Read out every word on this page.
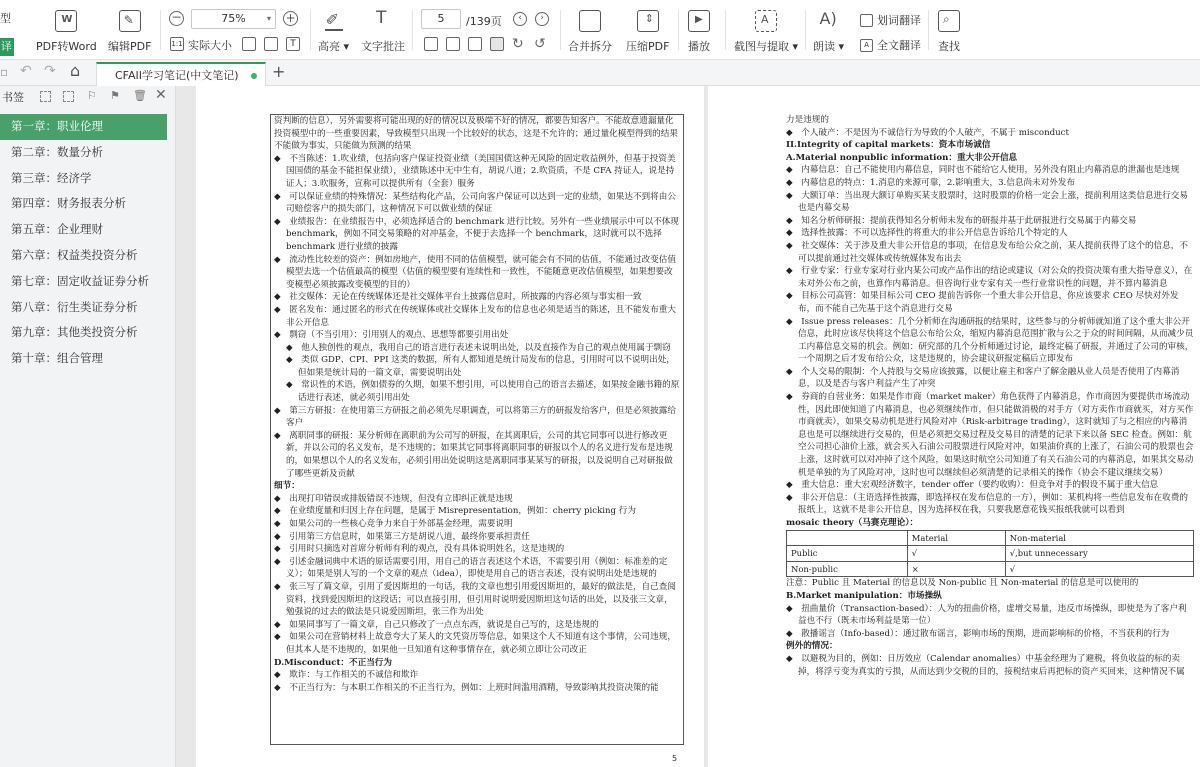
型
译
W
PDF转Word
✎
编辑PDF
−	75%	▾ +
1:1 实际大小	T
✐
高亮 ▾
T
文字批注
5	/139页	‹	›
↻ ↺ 合并拆分
⇕
压缩PDF
▶
播放
A
截图与提取 ▾
A)
朗读 ▾
划词翻译
A 全文翻译
⌕
查找
▫ ↶ ↷ ⌂	CFAII学习笔记(中文笔记) +
书签	⚐ ⚑ 🗑 ✕
第一章：职业伦理
第二章：数量分析
第三章：经济学
第四章：财务报表分析
第五章：企业理财
第六章：权益类投资分析
第七章：固定收益证券分析
第八章：衍生类证券分析
第九章：其他类投资分析
第十章：组合管理

资判断的信息），另外需要将可能出现的好的情况以及极端不好的情况，都要告知客户。不能故意遗漏量化投资模型中的一些重要因素，导致模型只出现一个比较好的状态，这是不允许的；通过量化模型得到的结果不能做为事实，只能做为预测的结果

◆　不当陈述：1.吹业绩，包括向客户保证投资业绩（美国国债这种无风险的固定收益例外，但基于投资美国国债的基金不能担保业绩），业绩陈述中无中生有，胡说八道；2.吹资质，不是 CFA 持证人，说是持证人；3.吹服务，宣称可以提供所有（全套）服务

◆　可以保证业绩的特殊情况：某些结构化产品，公司向客户保证可以达到一定的业绩，如果达不到将由公司赔偿客户的损失部门，这种情况下可以做业绩的保证

◆　业绩报告：在业绩报告中，必须选择适合的 benchmark 进行比较。另外有一些业绩展示中可以不体现 benchmark，例如不同交易策略的对冲基金，不便于去选择一个 benchmark，这时就可以不选择 benchmark 进行业绩的披露

◆　流动性比较差的资产：例如房地产，使用不同的估值模型，就可能会有不同的估值，不能通过改变估值模型去选一个估值最高的模型（估值的模型要有连续性和一致性，不能随意更改估值模型，如果想要改变模型必须披露改变模型的目的）

◆　社交媒体：无论在传统媒体还是社交媒体平台上披露信息时，所披露的内容必须与事实相一致

◆　匿名发布：通过匿名的形式在传统媒体或社交媒体上发布的信息也必须是适当的陈述，且不能发布重大非公开信息

◆　剽窃（不当引用）：引用别人的观点、思想等都要引用出处

◆　他人独创性的观点，我用自己的语言进行表述未说明出处，以及直接作为自己的观点使用属于剽窃

◆　类似 GDP、CPI、PPI 这类的数据，所有人都知道是统计局发布的信息，引用时可以不说明出处，但如果是统计局的一篇文章，需要说明出处

◆　常识性的术语，例如债券的久期，如果不想引用，可以使用自己的语言去描述，如果按金融书籍的原话进行表述，就必须引用出处

◆　第三方研报：在使用第三方研报之前必须先尽职调查，可以将第三方的研报发给客户，但是必须披露给客户

◆　离职同事的研报：某分析师在离职前为公司写的研报，在其离职后，公司的其它同事可以进行修改更新，并以公司的名义发布，是不违规的；如果其它同事将离职同事的研报以个人的名义进行发布是违规的，如果想以个人的名义发布，必须引用出处说明这是离职同事某某写的研报，以及说明自己对研报做了哪些更新及贡献

细节：

◆　出现打印错误或排版错误不违规，但没有立即纠正就是违规

◆　在业绩度量和归因上存在问题，是属于 Misrepresentation，例如：cherry picking 行为

◆　如果公司的一些核心竞争力来自于外部基金经理，需要说明

◆　引用第三方信息时，如果第三方是胡说八道，最终你要承担责任

◆　引用时只摘选对首席分析师有利的观点，没有具体说明姓名，这是违规的

◆　引述金融词典中术语的原话需要引用，用自己的语言表述这个术语，不需要引用（例如：标准差的定义）；如果是别人写的一个文章的观点（idea），即使是用自己的语言表述，没有说明出处是违规的

◆　张三写了篇文章，引用了爱因斯坦的一句话，我的文章也想引用爱因斯坦的，最好的做法是，自己查阅资料，找到爱因斯坦的这段话；可以直接引用，但引用时说明爱因斯坦这句话的出处，以及张三文章，勉强说的过去的做法是只说爱因斯坦，张三作为出处

◆　如果同事写了一篇文章，自己只修改了一点点东西，就说是自己写的，这是违规的

◆　如果公司在营销材料上故意夸大了某人的文凭资历等信息，如果这个人不知道有这个事情，公司违规，但其本人是不违规的，如果他一旦知道有这种事情存在，就必须立即让公司改正

D.Misconduct：不正当行为

◆　欺诈：与工作相关的不诚信和欺诈

◆　不正当行为：与本职工作相关的不正当行为，例如：上班时间滥用酒精，导致影响其投资决策的能

5

力是违规的

◆　个人破产：不是因为不诚信行为导致的个人破产，不属于 misconduct

II.Integrity of capital markets：资本市场诚信

A.Material nonpublic information：重大非公开信息

◆　内幕信息：自己不能使用内幕信息，同时也不能给它人使用，另外没有阻止内幕消息的泄漏也是违规

◆　内幕信息的特点：1.消息的来源可靠，2.影响重大，3.信息尚未对外发布

◆　大额订单：当出现大额订单购买某支股票时，这时股票的价格一定会上涨，提前利用这类信息进行交易也是内幕交易

◆　知名分析师研报：提前获得知名分析师未发布的研报并基于此研报进行交易属于内幕交易

◆　选择性披露：不可以选择性的将重大的非公开信息告诉给几个特定的人

◆　社交媒体：关于涉及重大非公开信息的事项，在信息发布给公众之前，某人提前获得了这个的信息，不可以提前通过社交媒体或传统媒体发布出去

◆　行业专家：行业专家对行业内某公司或产品作出的结论或建议（对公众的投资决策有重大指导意义），在未对外公布之前，也算作内幕消息。但咨询行业专家有关一些行业常识性的问题，并不算内幕消息

◆　目标公司高管：如果目标公司 CEO 提前告诉你一个重大非公开信息，你应该要求 CEO 尽快对外发布，而不能自己先基于这个消息进行交易

◆　Issue press releases：几个分析师在沟通研报的结果时，这些参与的分析师就知道了这个重大非公开信息，此时应该尽快将这个信息公布给公众，缩短内幕消息范围扩散与公之于众的时间间隔，从而减少员工内幕信息交易的机会。例如：研究部的几个分析师通过讨论，最终定稿了研报，并通过了公司的审核，一个周期之后才发布给公众，这是违规的，协会建议研报定稿后立即发布

◆　个人交易的限制：个人持股与交易应该披露，以便让雇主和客户了解金融从业人员是否使用了内幕消息，以及是否与客户利益产生了冲突

◆　券商的自营业务：如果是作市商（market maker）角色获得了内幕消息，作市商因为要提供市场流动性，因此即使知道了内幕消息，也必须继续作市，但只能做消极的对手方（对方卖作市商就买，对方买作市商就卖），如果交易动机是进行风险对冲（Risk-arbitrage trading），这时就知了与之相应的内幕消息也是可以继续进行交易的，但是必须把交易过程及交易目的清楚的记录下来以备 SEC 检查。例如：航空公司担心油价上涨，就会买入石油公司股票进行风险对冲，如果油价真的上涨了，石油公司的股票也会上涨，这时就可以对冲掉了这个风险，如果这时航空公司知道了有关石油公司的内幕消息，如果其交易动机是单独的为了风险对冲，这时也可以继续但必须清楚的记录相关的操作（协会不建议继续交易）

◆　重大信息：重大宏观经济数字，tender offer（要约收购）：但竞争对手的假设不属于重大信息

◆　非公开信息：（主语选择性披露，即选择权在发布信息的一方），例如：某机构将一些信息发布在收费的报纸上，这就不是非公开信息，因为选择权在我，只要我愿意花钱买报纸我就可以看到

mosaic theory（马赛克理论）：

	Material	Non-material
Public	√	√,but unnecessary
Non-public	×	√

注意：Public 且 Material 的信息以及 Non-public 且 Non-material 的信息是可以使用的

B.Market manipulation：市场操纵

◆　扭曲量价（Transaction-based）：人为的扭曲价格，虚增交易量，违反市场操纵，即使是为了客户利益也不行（既未市场利益是第一位）

◆　散播谣言（Info-based）：通过散布谣言，影响市场的预期，进而影响标的价格，不当获利的行为

例外的情况：

◆　以避税为目的，例如：日历效应（Calendar anomalies）中基金经理为了避税，将负收益的标的卖掉，将浮亏变为真实的亏损，从而达到少交税的目的，接税结束后再把标的资产买回来，这种情况不属
